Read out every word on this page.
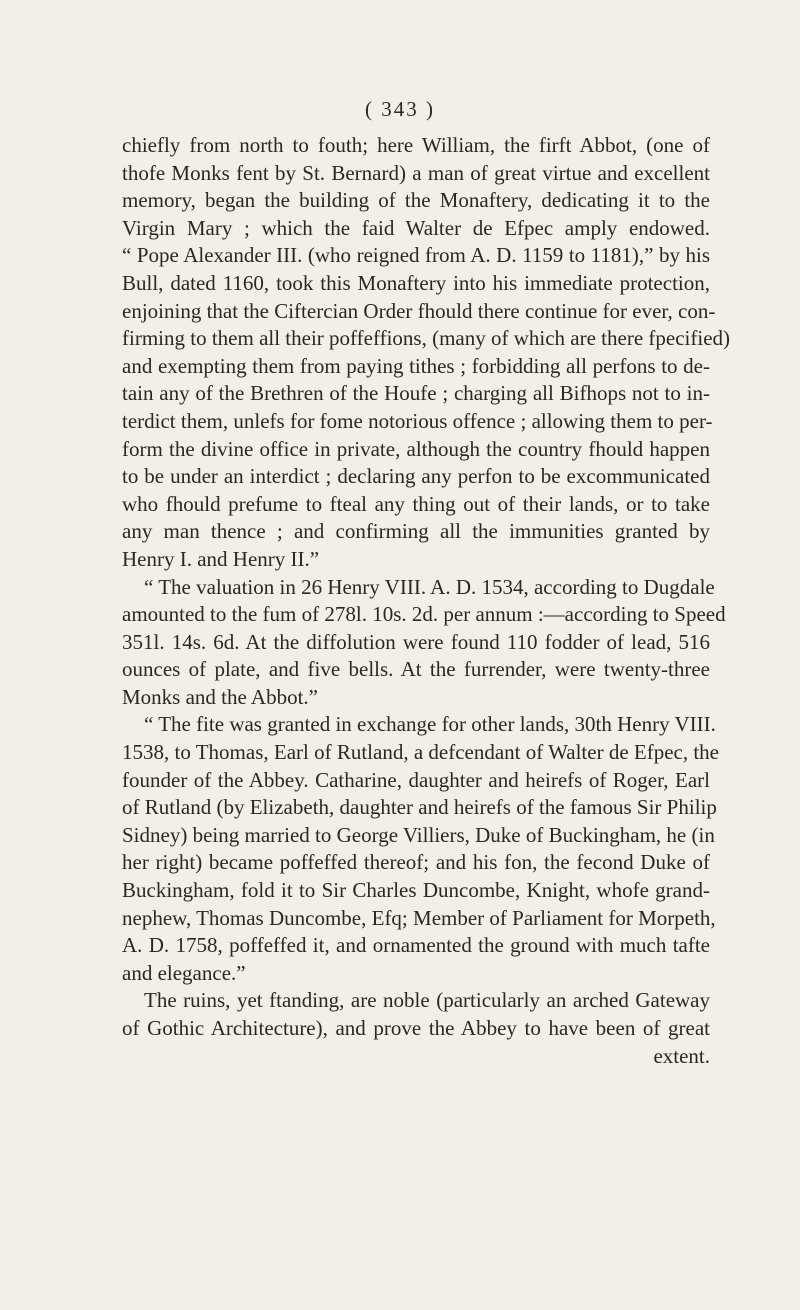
( 343 )
chiefly from north to fouth; here William, the firft Abbot, (one of
thofe Monks fent by St. Bernard) a man of great virtue and excellent
memory, began the building of the Monaftery, dedicating it to the
Virgin Mary ; which the faid Walter de Efpec amply endowed.
“ Pope Alexander III. (who reigned from A. D. 1159 to 1181),” by his
Bull, dated 1160, took this Monaftery into his immediate protection,
enjoining that the Ciftercian Order fhould there continue for ever, con-
firming to them all their poffeffions, (many of which are there fpecified)
and exempting them from paying tithes ; forbidding all perfons to de-
tain any of the Brethren of the Houfe ; charging all Bifhops not to in-
terdict them, unlefs for fome notorious offence ; allowing them to per-
form the divine office in private, although the country fhould happen
to be under an interdict ; declaring any perfon to be excommunicated
who fhould prefume to fteal any thing out of their lands, or to take
any man thence ; and confirming all the immunities granted by
Henry I. and Henry II.”
“ The valuation in 26 Henry VIII. A. D. 1534, according to Dugdale
amounted to the fum of 278l. 10s. 2d. per annum :—according to Speed
351l. 14s. 6d. At the diffolution were found 110 fodder of lead, 516
ounces of plate, and five bells. At the furrender, were twenty-three
Monks and the Abbot.”
“ The fite was granted in exchange for other lands, 30th Henry VIII.
1538, to Thomas, Earl of Rutland, a defcendant of Walter de Efpec, the
founder of the Abbey. Catharine, daughter and heirefs of Roger, Earl
of Rutland (by Elizabeth, daughter and heirefs of the famous Sir Philip
Sidney) being married to George Villiers, Duke of Buckingham, he (in
her right) became poffeffed thereof; and his fon, the fecond Duke of
Buckingham, fold it to Sir Charles Duncombe, Knight, whofe grand-
nephew, Thomas Duncombe, Efq; Member of Parliament for Morpeth,
A. D. 1758, poffeffed it, and ornamented the ground with much tafte
and elegance.”
The ruins, yet ftanding, are noble (particularly an arched Gateway
of Gothic Architecture), and prove the Abbey to have been of great
extent.
